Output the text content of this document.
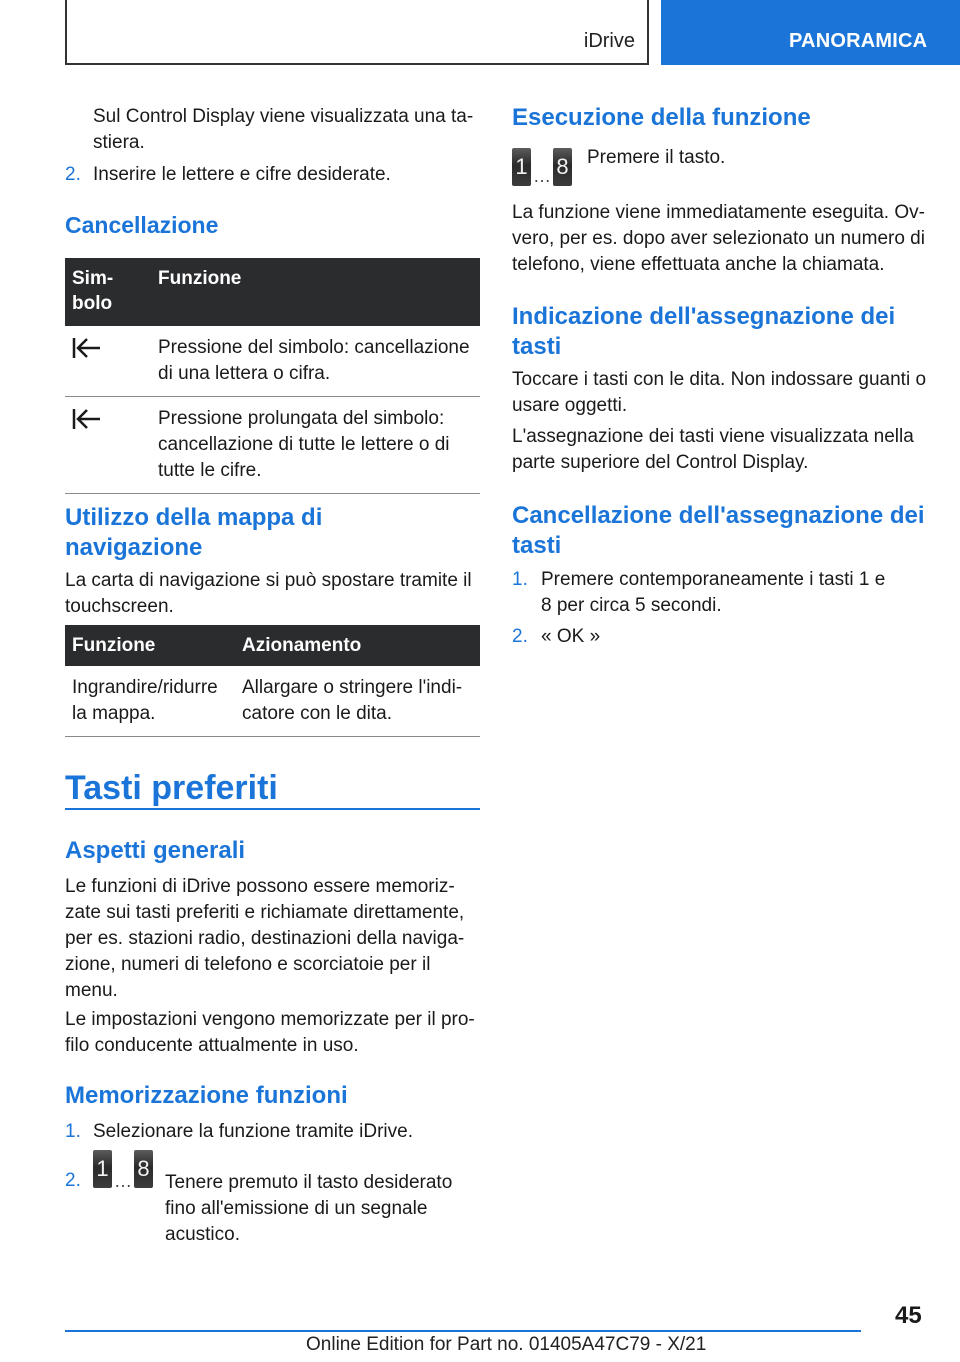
iDrive	PANORAMICA

Sul Control Display viene visualizzata una ta-stiera.

2. Inserire le lettere e cifre desiderate.

Cancellazione
Sim-bolo	Funzione
	Pressione del simbolo: cancellazione di una lettera o cifra.
	Pressione prolungata del simbolo: cancellazione di tutte le lettere o di tutte le cifre.
Utilizzo della mappa di navigazione

La carta di navigazione si può spostare tramite il touchscreen.

Funzione	Azionamento
Ingrandire/ridurre la mappa.	Allargare o stringere l'indi-catore con le dita.
Tasti preferiti
Aspetti generali

Le funzioni di iDrive possono essere memoriz-zate sui tasti preferiti e richiamate direttamente, per es. stazioni radio, destinazioni della naviga-zione, numeri di telefono e scorciatoie per il menu.

Le impostazioni vengono memorizzate per il pro-filo conducente attualmente in uso.

Memorizzazione funzioni

1. Selezionare la funzione tramite iDrive.

2. 1 … 8
Tenere premuto il tasto desiderato fino all'emissione di un segnale acustico.
Esecuzione della funzione
1 … 8 Premere il tasto.

La funzione viene immediatamente eseguita. Ov-vero, per es. dopo aver selezionato un numero di telefono, viene effettuata anche la chiamata.

Indicazione dell'assegnazione dei tasti

Toccare i tasti con le dita. Non indossare guanti o usare oggetti.

L'assegnazione dei tasti viene visualizzata nella parte superiore del Control Display.

Cancellazione dell'assegnazione dei tasti

1. Premere contemporaneamente i tasti 1 e 8 per circa 5 secondi.

2. « OK »

45
Online Edition for Part no. 01405A47C79 - X/21
